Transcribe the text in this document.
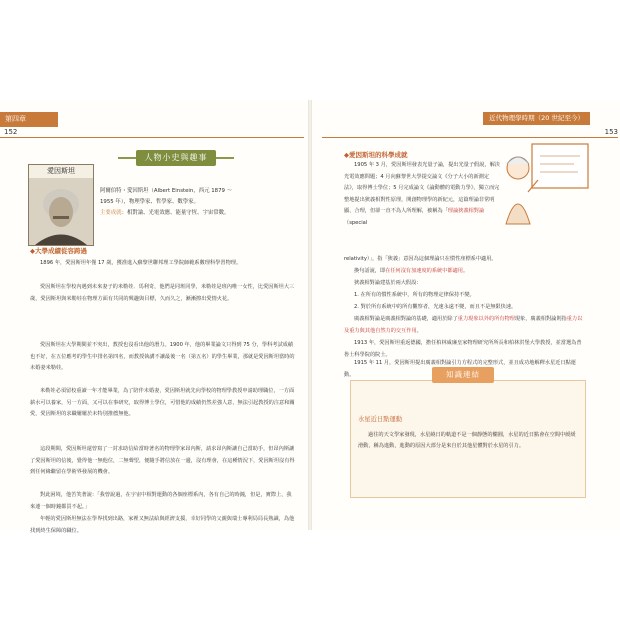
第四章
152
近代物理學時期（20 世紀至今）
153
人物小史與趣事
愛因斯坦
阿爾伯特・愛因斯坦（Albert Einstein，西元 1879 ～
1955 年），物理學家、哲學家、數學家。
主要成就：相對論、光電效應、能量守恆、宇宙常數。
◆大學成績從容跨過

1896 年，愛因斯坦年僅 17 歲，獲准進入蘇黎世聯邦理工學院師範系數理科學習物理。

愛因斯坦在學校內遇到未來妻子的米勒娃．馬利奇，他們是同班同學，米勒娃是班內唯一女性，比愛因斯坦大三歲，愛因斯坦與米勒娃在物理方面有共同的興趣與目標，久而久之，漸漸擦出愛情火花。

愛因斯坦在大學期間並不突出，教授也沒看出他的潛力。1900 年，他的畢業論文只得到 75 分，學科考試成績也不好，在五位應考的學生中排名第四名，而教授執講不讓最後一名（第五名）的學生畢業，那就是愛因斯坦當時的未婚妻米勒娃。

米勒娃必須留校重讀一年才能畢業，為了陪伴未婚妻，愛因斯坦就先向學校的物理學教授申請助理職位，一方面薪水可以養家，另一方面，又可以在事研究，取得博士學位，可惜他的成績仍然差強人意，無法引起教授的注意和關愛，愛因斯坦的求職屢屢於未特別推薦無他。

這段期間，愛因斯坦還曾寫了一封求助信給當時著名的物理學家昂內斯，請求昂內斯讓自己當助手，但昂內斯讓了愛因斯坦的信後，覺得他一無他位，二無聲望，便隨手將信放在一邊，沒有理會，在這種情況下，愛因斯坦沒有得到任何緣繼留在學術界發展的機會。

對此困境，他苦笑著說：「我曾說過，在宇宙中相對運動的各個座標系內，各有自己的時鐘，但是，實際上，我來連一個時鐘都買不起。」

年輕的愛因斯坦無法在學界找到出路，家裡又無法給與經濟支援，幸好同學的父親與瑞士專利局局長熟識，為他找到終生保障的職位。

◆愛因斯坦的科學成就

1905 年 3 月，愛因斯坦發表光量子論，提出光量子假說，解決光電效應問題；4 月向蘇黎世大學提交論文《分子大小的新測定法》，取得博士學位；5 月完成論文《論動體的電動力學》，獨立而完整地提出狹義相對性原理，開創物理學的新紀元，這篇理論非常明顯，合理，但卻一直不為人所理解，被稱為「理論狹義相對論（special

relativity）」，指「狹義」意因為這個理論只在慣性座標系中適用。

換句話說，即在任何沒有加速度的系統中都適用。

狹義相對論建基於兩大假設：

1. 在所有的慣性系統中，所有的物理定律保持不變。
2. 對於所有系統中的所有觀察者，光速永遠不變，而且不是無限快速。

廣義相對論是廣義相對論的基礎，適用於除了重力現象以外的所有物理現象，廣義相對論則指重力以及重力與其他自然力的交互作用。

1913 年，愛因斯坦重返德國，擔任柏林威廉皇家物理研究所所長和柏林洪堡大學教授，並當選為普魯士科學院的院士。

1915 年 11 月，愛因斯坦提出廣義相對論引力方程式的完整形式，並且成功地解釋水星近日點運動。	知識連結
水星近日點運動

過往的天文學家發現，水星繞日的軌道不是一個靜態的橢圓，水星的近日點會在空間中緩緩滑動，稱為進動，進動的原因大部分是來自於其他星體對於水星的引力。
